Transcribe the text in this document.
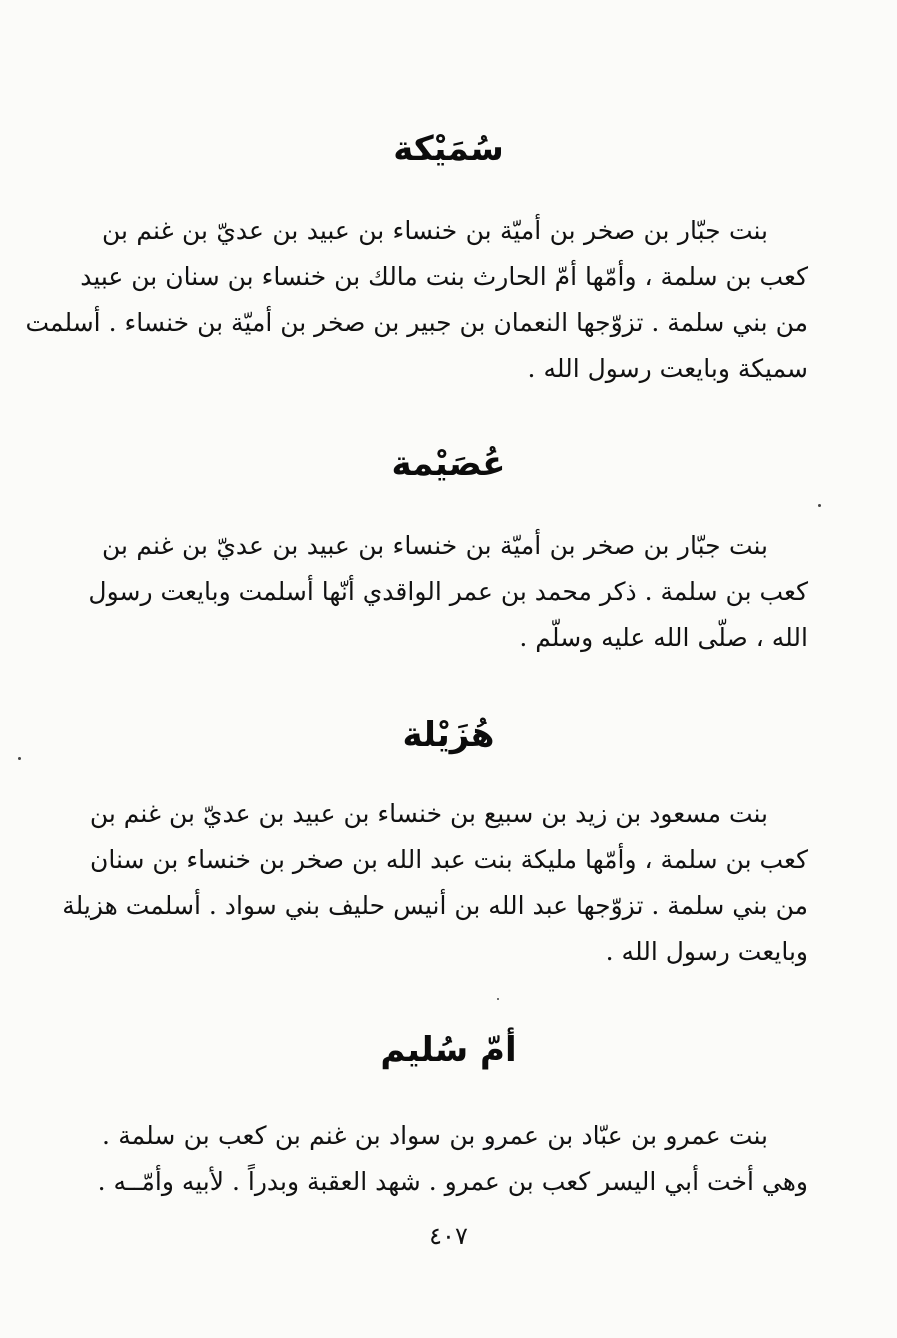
سُمَيْكة
بنت جبّار بن صخر بن أميّة بن خنساء بن عبيد بن عديّ بن غنم بن
كعب بن سلمة ، وأمّها أمّ الحارث بنت مالك بن خنساء بن سنان بن عبيد
من بني سلمة . تزوّجها النعمان بن جبير بن صخر بن أميّة بن خنساء . أسلمت
سميكة وبايعت رسول الله .
عُصَيْمة
بنت جبّار بن صخر بن أميّة بن خنساء بن عبيد بن عديّ بن غنم بن
كعب بن سلمة . ذكر محمد بن عمر الواقدي أنّها أسلمت وبايعت رسول
الله ، صلّى الله عليه وسلّم .
هُزَيْلة
بنت مسعود بن زيد بن سبيع بن خنساء بن عبيد بن عديّ بن غنم بن
كعب بن سلمة ، وأمّها مليكة بنت عبد الله بن صخر بن خنساء بن سنان
من بني سلمة . تزوّجها عبد الله بن أنيس حليف بني سواد . أسلمت هزيلة
وبايعت رسول الله .
أمّ سُليم
بنت عمرو بن عبّاد بن عمرو بن سواد بن غنم بن كعب بن سلمة .
وهي أخت أبي اليسر كعب بن عمرو . شهد العقبة وبدراً . لأبيه وأمّــه .
٤٠٧
